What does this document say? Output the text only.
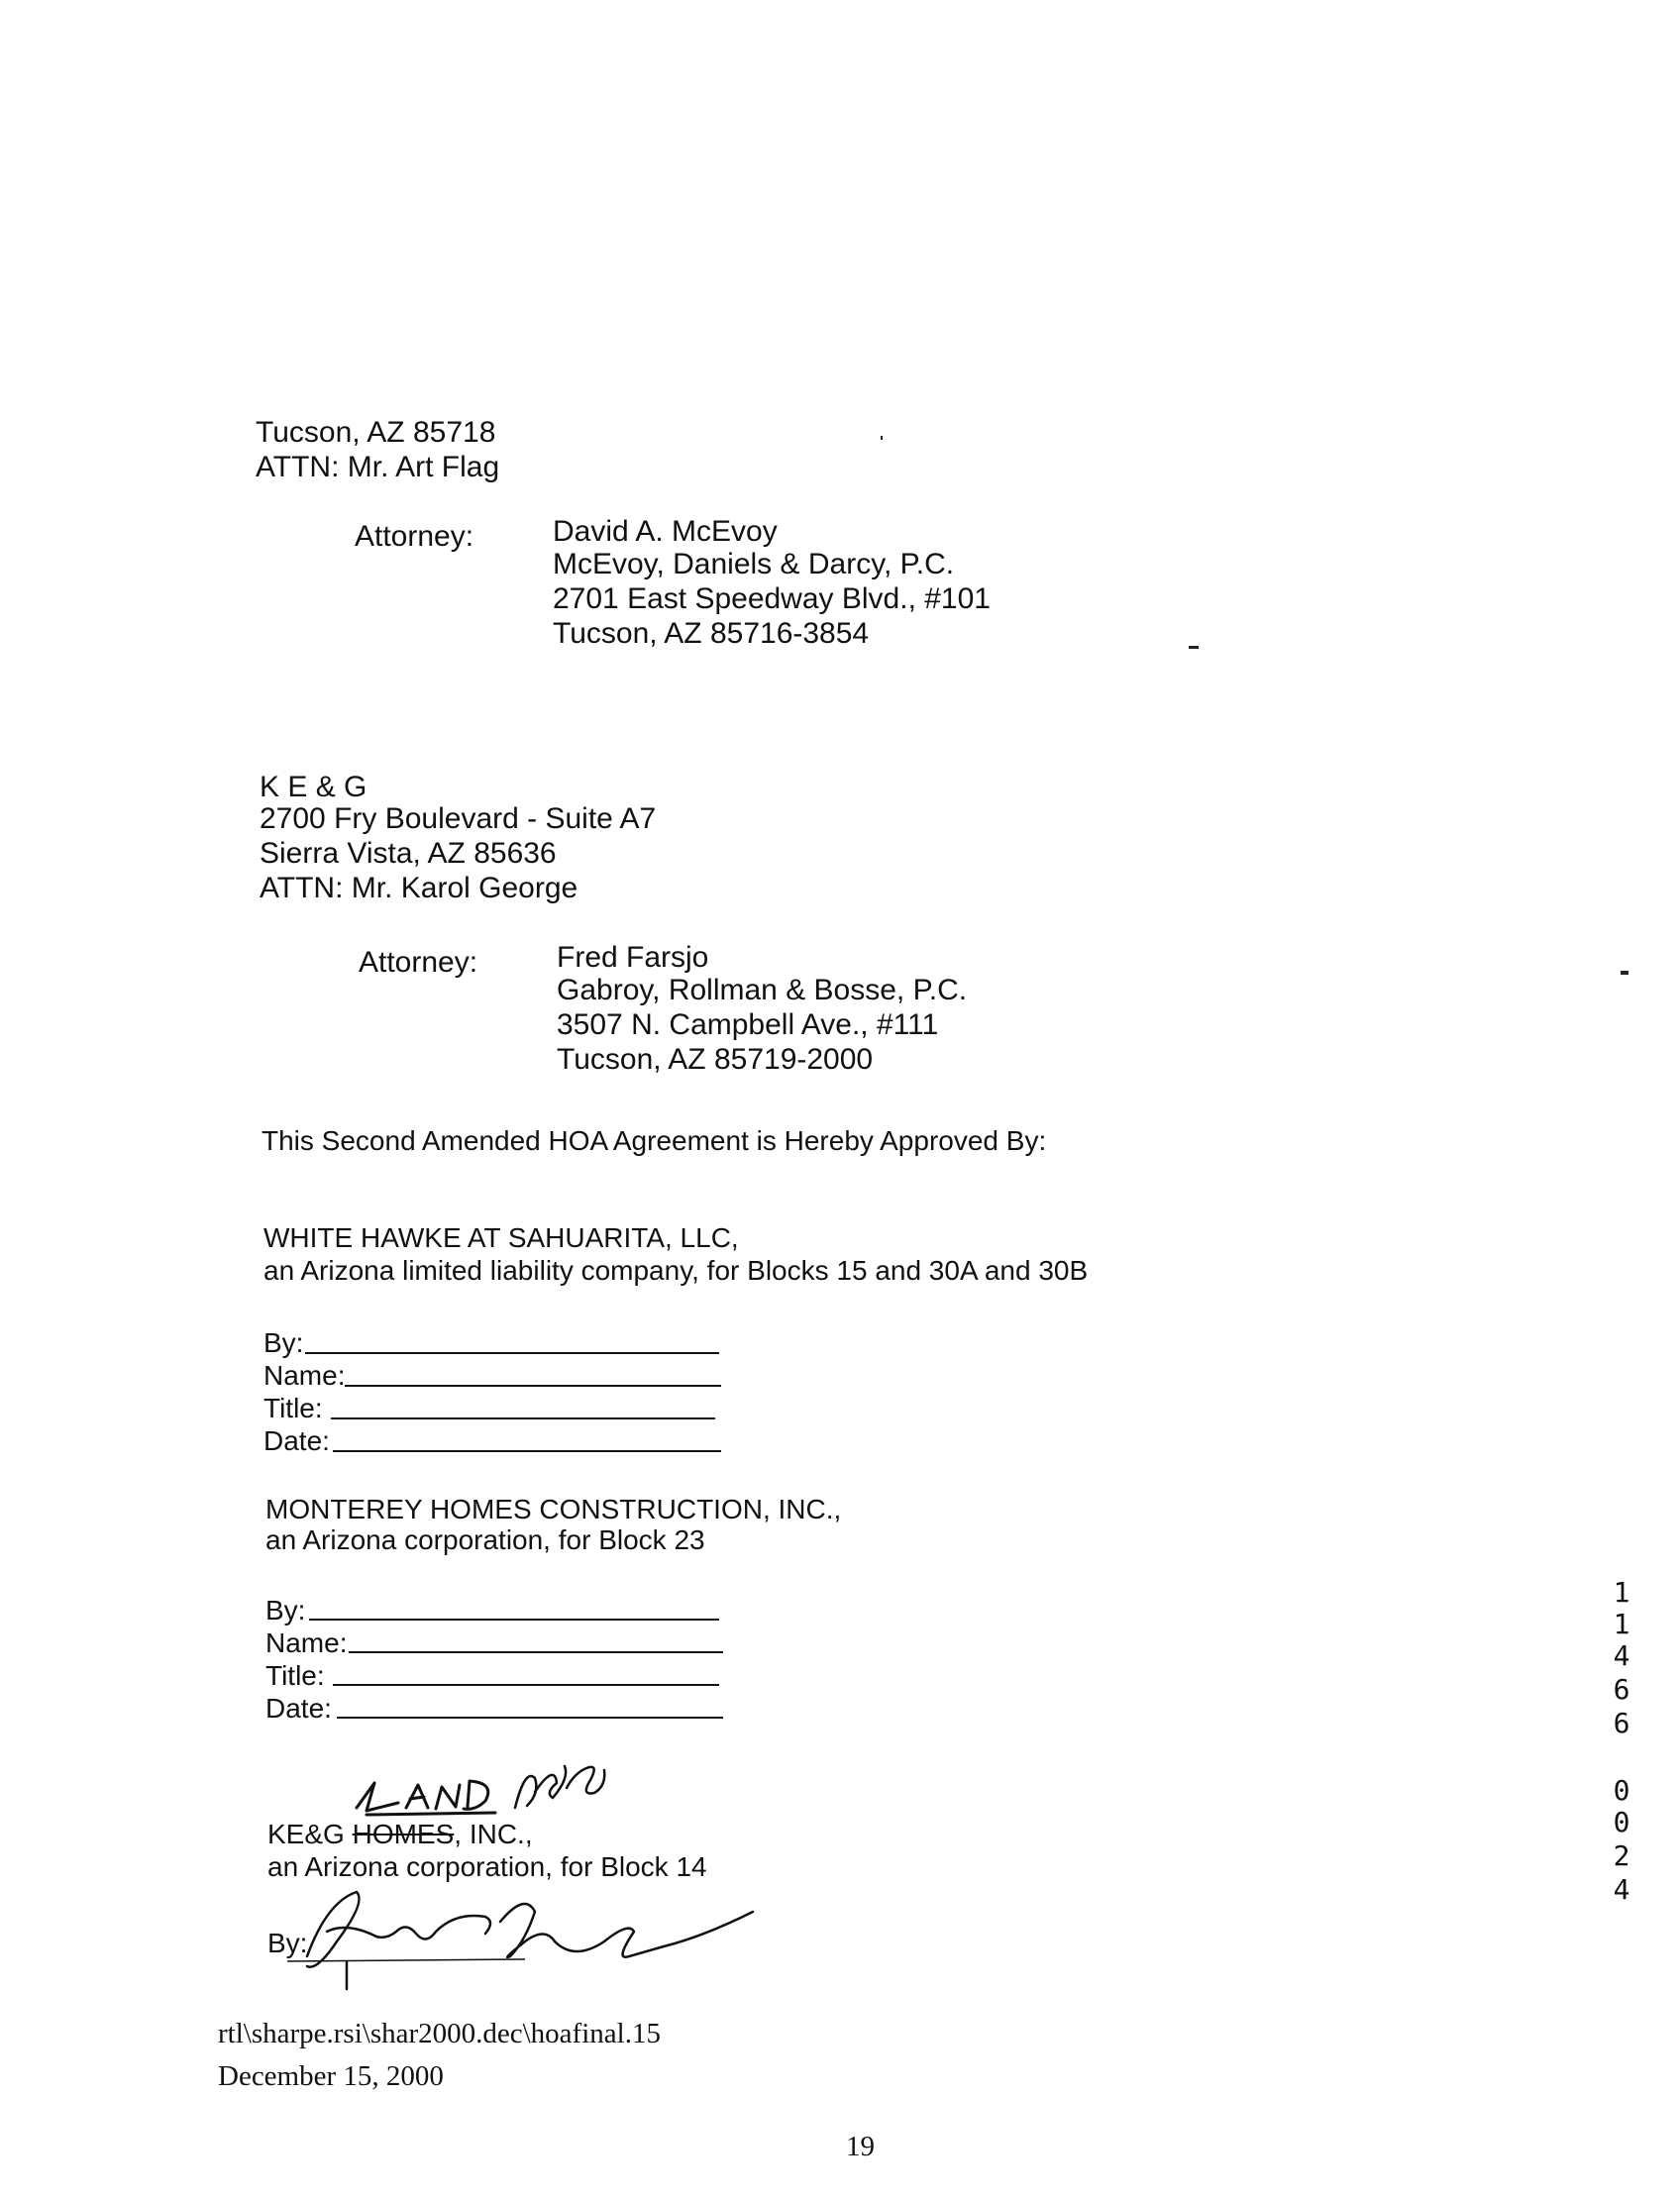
Tucson, AZ 85718
ATTN: Mr. Art Flag
Attorney:	David A. McEvoy
McEvoy, Daniels & Darcy, P.C.
2701 East Speedway Blvd., #101
Tucson, AZ 85716-3854
K E & G
2700 Fry Boulevard - Suite A7
Sierra Vista, AZ 85636
ATTN: Mr. Karol George
Attorney:	Fred Farsjo
Gabroy, Rollman & Bosse, P.C.
3507 N. Campbell Ave., #111
Tucson, AZ 85719-2000
This Second Amended HOA Agreement is Hereby Approved By:
WHITE HAWKE AT SAHUARITA, LLC,
an Arizona limited liability company, for Blocks 15 and 30A and 30B
By:
Name:
Title:
Date:
MONTEREY HOMES CONSTRUCTION, INC.,
an Arizona corporation, for Block 23
By:
Name:
Title:
Date:
KE&G HOMES, INC.,
an Arizona corporation, for Block 14
By:
rtl\sharpe.rsi\shar2000.dec\hoafinal.15
December 15, 2000
19
1
1
4
6
6
0
0
2
4
